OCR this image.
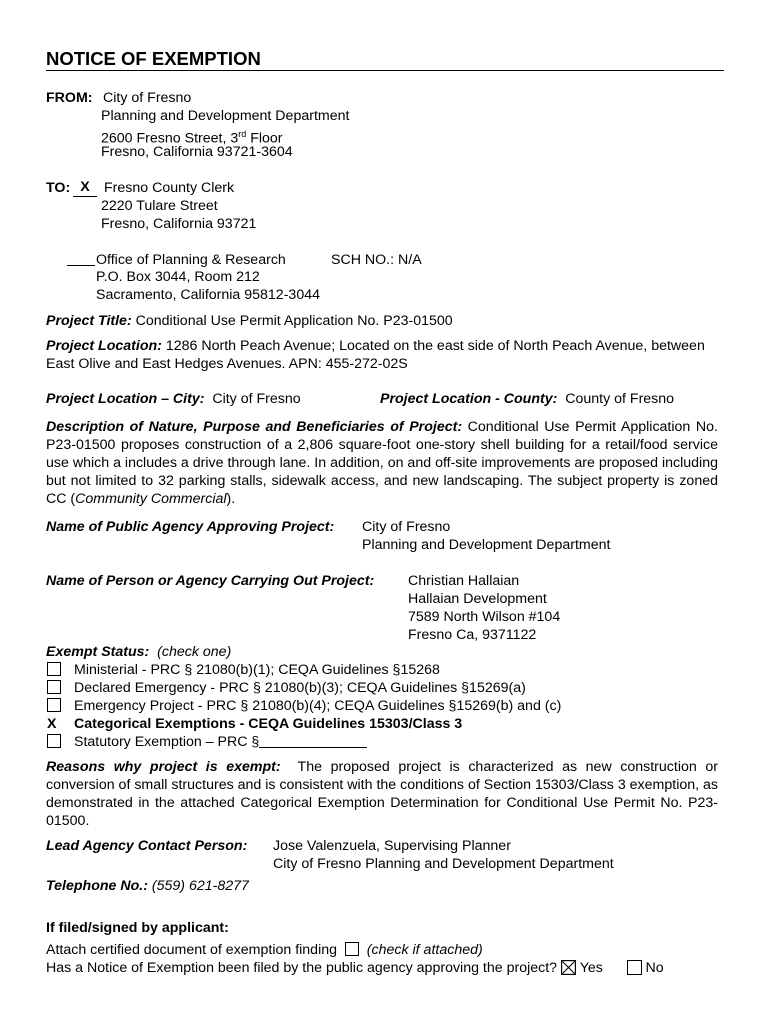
NOTICE OF EXEMPTION
FROM: City of Fresno
Planning and Development Department
2600 Fresno Street, 3rd Floor
Fresno, California 93721-3604
TO: X	Fresno County Clerk
2220 Tulare Street
Fresno, California 93721
Office of Planning & Research	SCH NO.: N/A
P.O. Box 3044, Room 212
Sacramento, California 95812-3044
Project Title: Conditional Use Permit Application No. P23-01500
Project Location: 1286 North Peach Avenue; Located on the east side of North Peach Avenue, between East Olive and East Hedges Avenues. APN: 455-272-02S
Project Location – City: City of Fresno	Project Location - County: County of Fresno
Description of Nature, Purpose and Beneficiaries of Project: Conditional Use Permit Application No. P23-01500 proposes construction of a 2,806 square-foot one-story shell building for a retail/food service use which a includes a drive through lane. In addition, on and off-site improvements are proposed including but not limited to 32 parking stalls, sidewalk access, and new landscaping. The subject property is zoned CC (Community Commercial).
Name of Public Agency Approving Project: City of Fresno
Planning and Development Department
Name of Person or Agency Carrying Out Project: Christian Hallaian
Hallaian Development
7589 North Wilson #104
Fresno Ca, 9371122
Exempt Status: (check one)
Ministerial - PRC § 21080(b)(1); CEQA Guidelines §15268
Declared Emergency - PRC § 21080(b)(3); CEQA Guidelines §15269(a)
Emergency Project - PRC § 21080(b)(4); CEQA Guidelines §15269(b) and (c)
X Categorical Exemptions - CEQA Guidelines 15303/Class 3
Statutory Exemption – PRC §
Reasons why project is exempt: The proposed project is characterized as new construction or conversion of small structures and is consistent with the conditions of Section 15303/Class 3 exemption, as demonstrated in the attached Categorical Exemption Determination for Conditional Use Permit No. P23-01500.
Lead Agency Contact Person: Jose Valenzuela, Supervising Planner
City of Fresno Planning and Development Department
Telephone No.: (559) 621-8277
If filed/signed by applicant:
Attach certified document of exemption finding (check if attached)
Has a Notice of Exemption been filed by the public agency approving the project? Yes	No
